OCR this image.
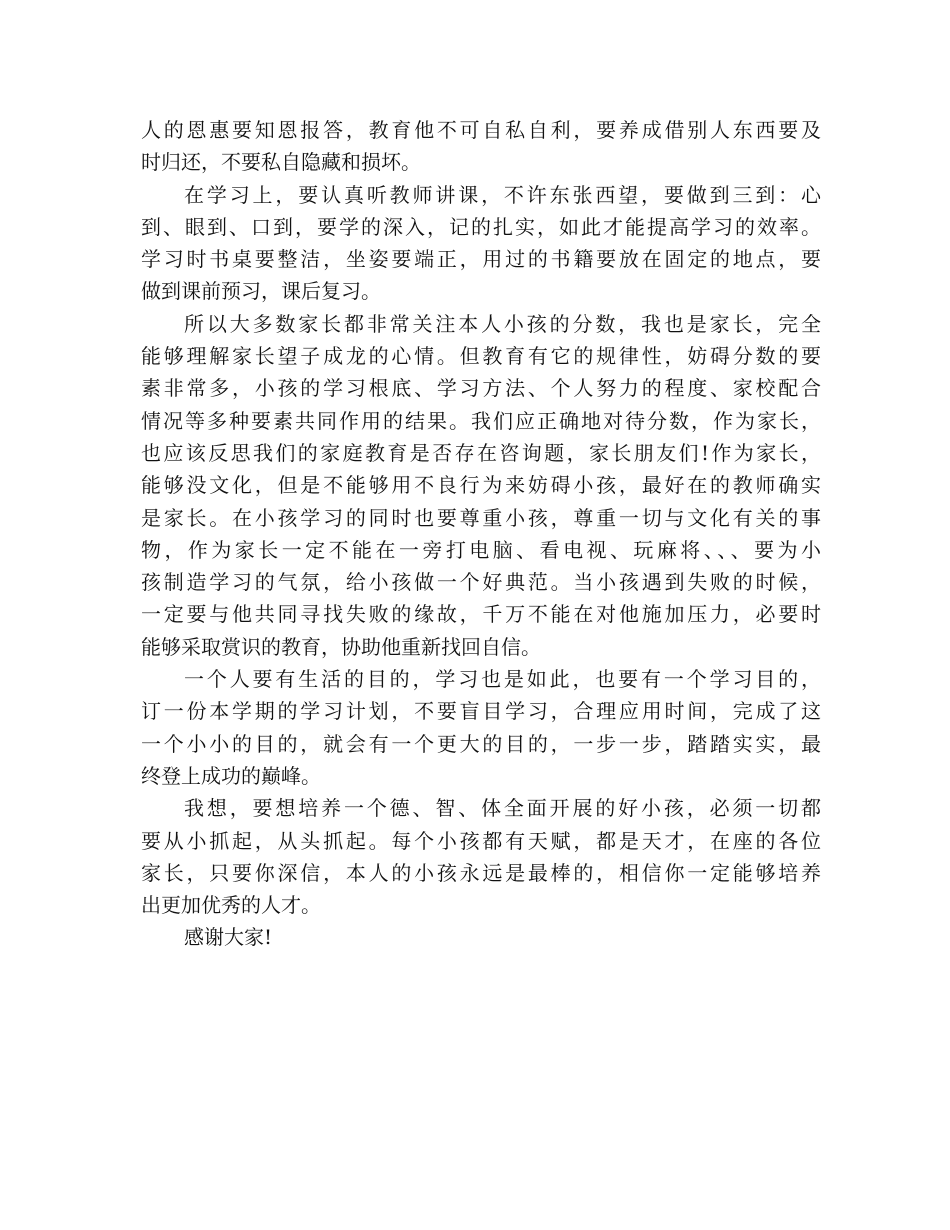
人的恩惠要知恩报答，教育他不可自私自利，要养成借别人东西要及
时归还，不要私自隐藏和损坏。
在学习上，要认真听教师讲课，不许东张西望，要做到三到：心
到、眼到、口到，要学的深入，记的扎实，如此才能提高学习的效率。
学习时书桌要整洁，坐姿要端正，用过的书籍要放在固定的地点，要
做到课前预习，课后复习。
所以大多数家长都非常关注本人小孩的分数，我也是家长，完全
能够理解家长望子成龙的心情。但教育有它的规律性，妨碍分数的要
素非常多，小孩的学习根底、学习方法、个人努力的程度、家校配合
情况等多种要素共同作用的结果。我们应正确地对待分数，作为家长，
也应该反思我们的家庭教育是否存在咨询题，家长朋友们!作为家长，
能够没文化，但是不能够用不良行为来妨碍小孩，最好在的教师确实
是家长。在小孩学习的同时也要尊重小孩，尊重一切与文化有关的事
物，作为家长一定不能在一旁打电脑、看电视、玩麻将、、、要为小
孩制造学习的气氛，给小孩做一个好典范。当小孩遇到失败的时候，
一定要与他共同寻找失败的缘故，千万不能在对他施加压力，必要时
能够采取赏识的教育，协助他重新找回自信。
一个人要有生活的目的，学习也是如此，也要有一个学习目的，
订一份本学期的学习计划，不要盲目学习，合理应用时间，完成了这
一个小小的目的，就会有一个更大的目的，一步一步，踏踏实实，最
终登上成功的巅峰。
我想，要想培养一个德、智、体全面开展的好小孩，必须一切都
要从小抓起，从头抓起。每个小孩都有天赋，都是天才，在座的各位
家长，只要你深信，本人的小孩永远是最棒的，相信你一定能够培养
出更加优秀的人才。
感谢大家!
